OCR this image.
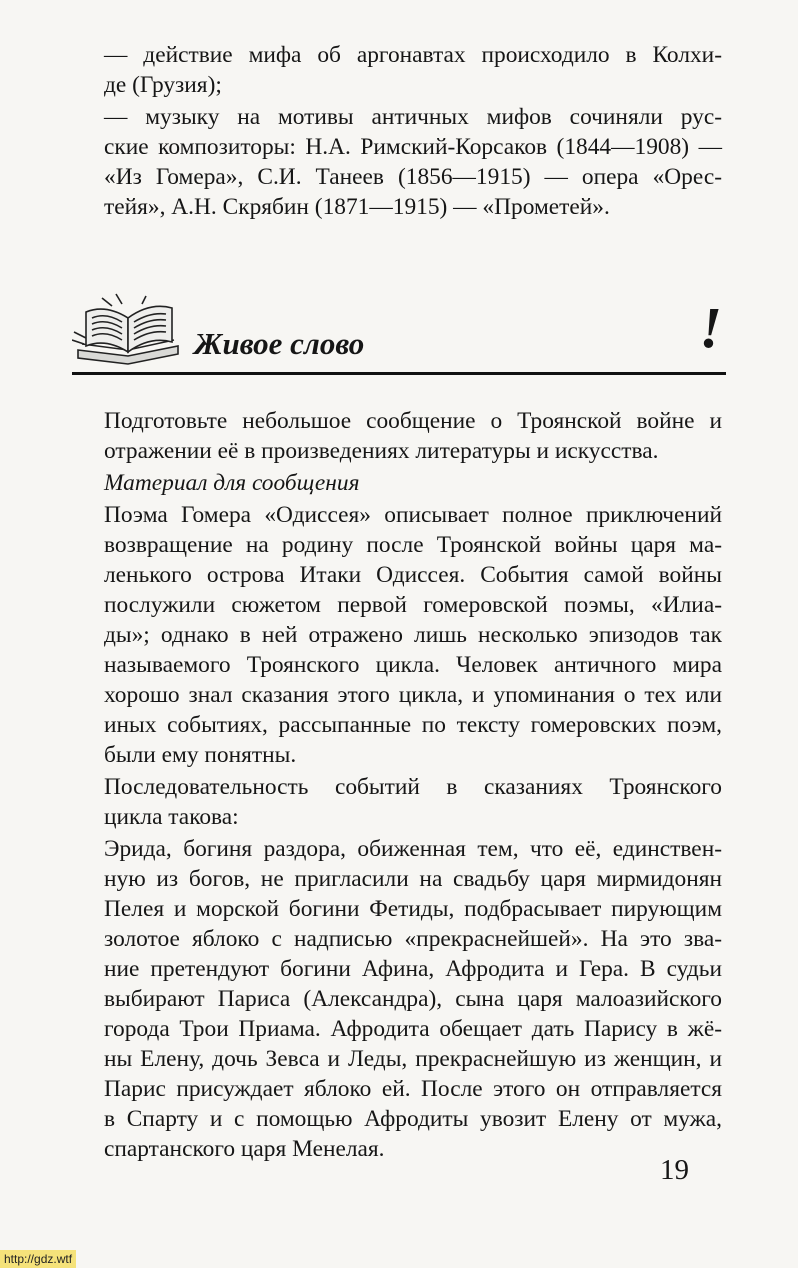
— действие мифа об аргонавтах происходило в Колхи-
де (Грузия);
— музыку на мотивы античных мифов сочиняли рус-
ские композиторы: Н.А. Римский-Корсаков (1844—1908) —
«Из Гомера», С.И. Танеев (1856—1915) — опера «Орес-
тейя», А.Н. Скрябин (1871—1915) — «Прометей».
Живое слово	!
Подготовьте небольшое сообщение о Троянской войне и
отражении её в произведениях литературы и искусства.
Материал для сообщения
Поэма Гомера «Одиссея» описывает полное приключений
возвращение на родину после Троянской войны царя ма-
ленького острова Итаки Одиссея. События самой войны
послужили сюжетом первой гомеровской поэмы, «Илиа-
ды»; однако в ней отражено лишь несколько эпизодов так
называемого Троянского цикла. Человек античного мира
хорошо знал сказания этого цикла, и упоминания о тех или
иных событиях, рассыпанные по тексту гомеровских поэм,
были ему понятны.
Последовательность событий в сказаниях Троянского
цикла такова:
Эрида, богиня раздора, обиженная тем, что её, единствен-
ную из богов, не пригласили на свадьбу царя мирмидонян
Пелея и морской богини Фетиды, подбрасывает пирующим
золотое яблоко с надписью «прекраснейшей». На это зва-
ние претендуют богини Афина, Афродита и Гера. В судьи
выбирают Париса (Александра), сына царя малоазийского
города Трои Приама. Афродита обещает дать Парису в жё-
ны Елену, дочь Зевса и Леды, прекраснейшую из женщин, и
Парис присуждает яблоко ей. После этого он отправляется
в Спарту и с помощью Афродиты увозит Елену от мужа,
спартанского царя Менелая.
19
http://gdz.wtf
